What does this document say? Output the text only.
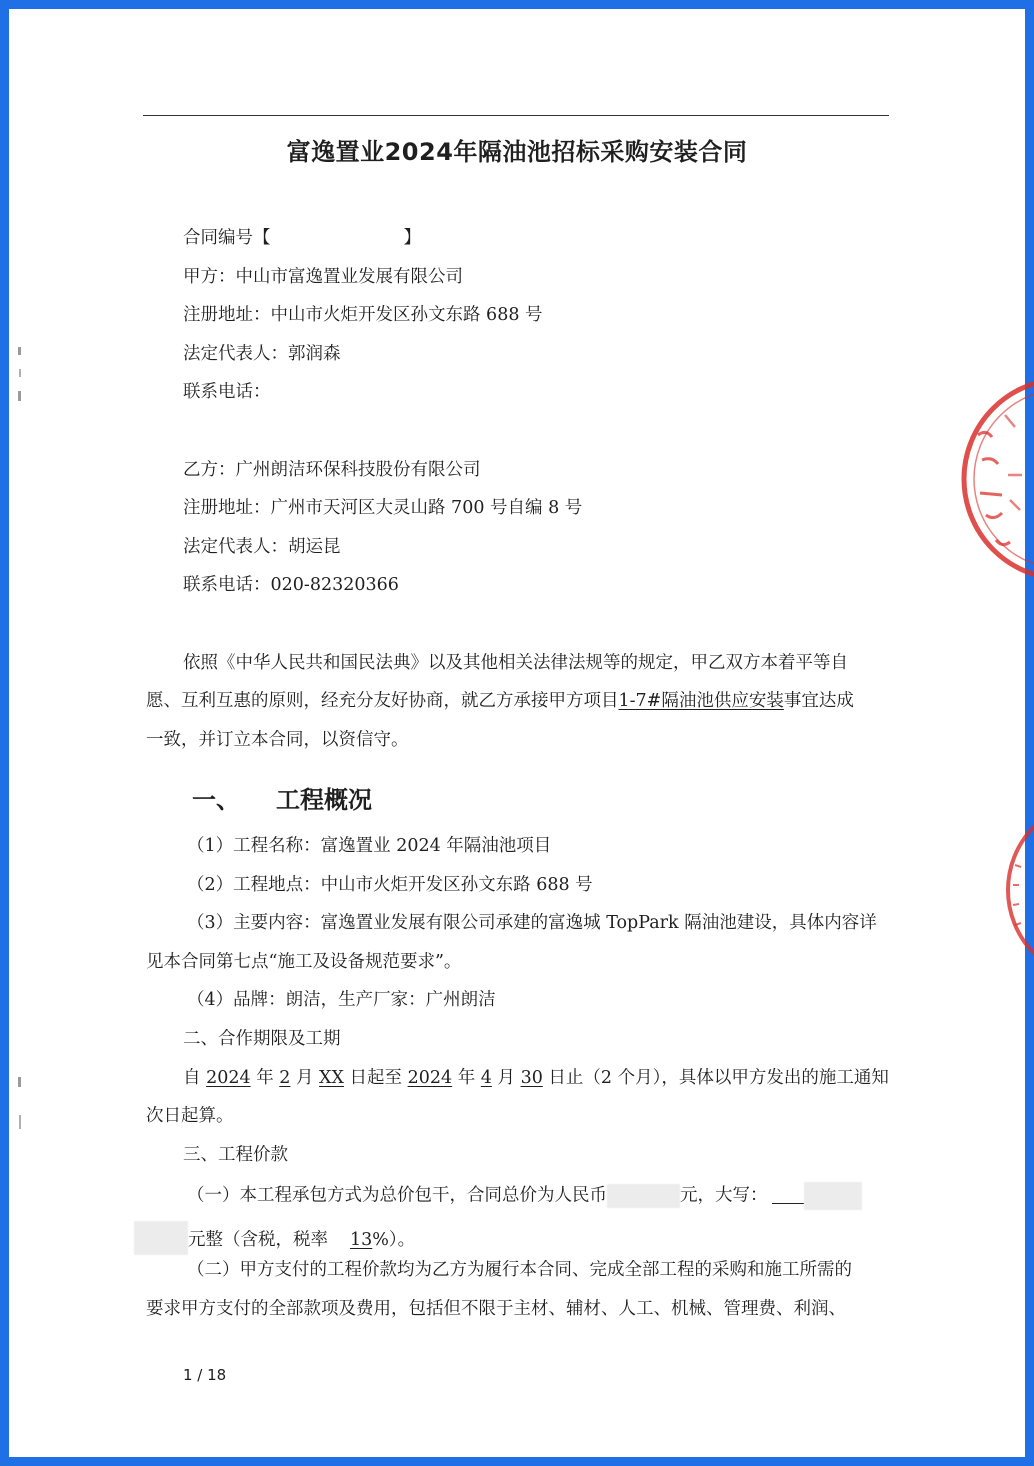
富逸置业2024年隔油池招标采购安装合同
合同编号【	】
甲方：中山市富逸置业发展有限公司
注册地址：中山市火炬开发区孙文东路 688 号
法定代表人：郭润森
联系电话：
乙方：广州朗洁环保科技股份有限公司
注册地址：广州市天河区大灵山路 700 号自编 8 号
法定代表人：胡运昆
联系电话：020-82320366
依照《中华人民共和国民法典》以及其他相关法律法规等的规定，甲乙双方本着平等自
愿、互利互惠的原则，经充分友好协商，就乙方承接甲方项目1-7#隔油池供应安装事宜达成
一致，并订立本合同，以资信守。
一、 工程概况
（1）工程名称：富逸置业 2024 年隔油池项目
（2）工程地点：中山市火炬开发区孙文东路 688 号
（3）主要内容：富逸置业发展有限公司承建的富逸城 TopPark 隔油池建设，具体内容详
见本合同第七点“施工及设备规范要求”。
（4）品牌：朗洁，生产厂家：广州朗洁
二、合作期限及工期
自 2024 年 2 月 XX 日起至 2024 年 4 月 30 日止（2 个月），具体以甲方发出的施工通知
次日起算。
三、工程价款
（一）本工程承包方式为总价包干，合同总价为人民币	元，大写：
元整（含税，税率 13%）。
（二）甲方支付的工程价款均为乙方为履行本合同、完成全部工程的采购和施工所需的
要求甲方支付的全部款项及费用，包括但不限于主材、辅材、人工、机械、管理费、利润、
1 / 18
